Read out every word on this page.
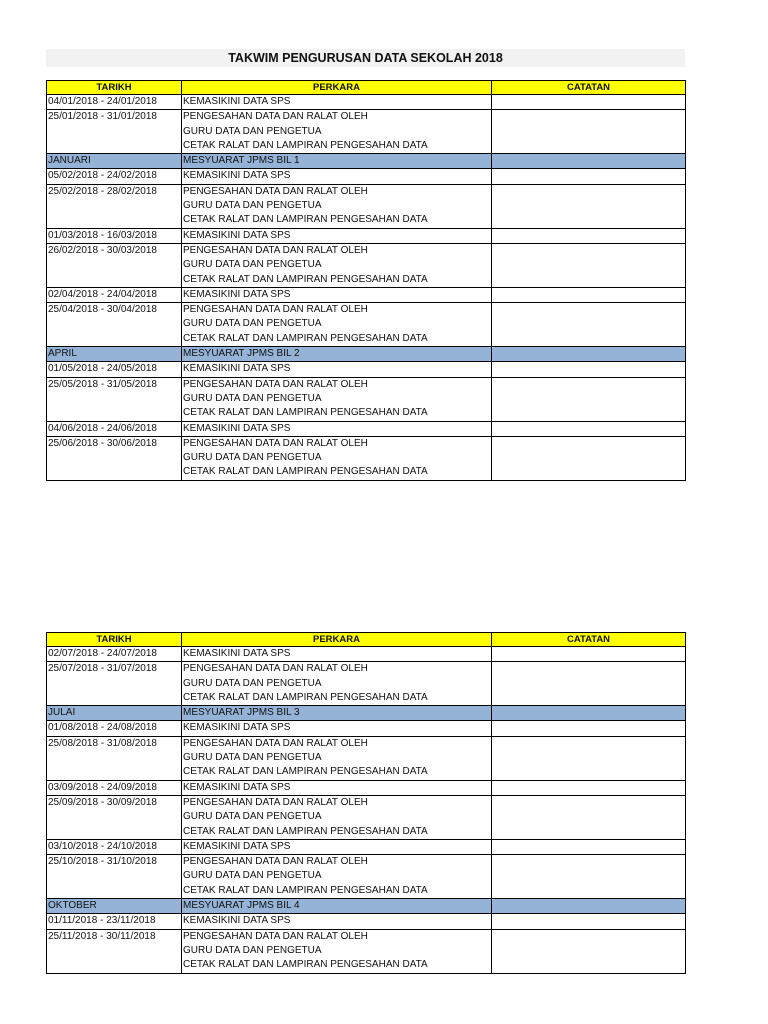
TAKWIM PENGURUSAN DATA SEKOLAH 2018
TARIKH	PERKARA	CATATAN
04/01/2018 - 24/01/2018	KEMASIKINI DATA SPS	

25/01/2018 - 31/01/2018	PENGESAHAN DATA DAN RALAT OLEH
GURU DATA DAN PENGETUA
CETAK RALAT DAN LAMPIRAN PENGESAHAN DATA	

JANUARI	MESYUARAT JPMS BIL 1	

05/02/2018 - 24/02/2018	KEMASIKINI DATA SPS	

25/02/2018 - 28/02/2018	PENGESAHAN DATA DAN RALAT OLEH
GURU DATA DAN PENGETUA
CETAK RALAT DAN LAMPIRAN PENGESAHAN DATA	

01/03/2018 - 16/03/2018	KEMASIKINI DATA SPS	

26/02/2018 - 30/03/2018	PENGESAHAN DATA DAN RALAT OLEH
GURU DATA DAN PENGETUA
CETAK RALAT DAN LAMPIRAN PENGESAHAN DATA	

02/04/2018 - 24/04/2018	KEMASIKINI DATA SPS	

25/04/2018 - 30/04/2018	PENGESAHAN DATA DAN RALAT OLEH
GURU DATA DAN PENGETUA
CETAK RALAT DAN LAMPIRAN PENGESAHAN DATA	

APRIL	MESYUARAT JPMS BIL 2	

01/05/2018 - 24/05/2018	KEMASIKINI DATA SPS	

25/05/2018 - 31/05/2018	PENGESAHAN DATA DAN RALAT OLEH
GURU DATA DAN PENGETUA
CETAK RALAT DAN LAMPIRAN PENGESAHAN DATA	

04/06/2018 - 24/06/2018	KEMASIKINI DATA SPS	

25/06/2018 - 30/06/2018	PENGESAHAN DATA DAN RALAT OLEH
GURU DATA DAN PENGETUA
CETAK RALAT DAN LAMPIRAN PENGESAHAN DATA	

TARIKH	PERKARA	CATATAN
02/07/2018 - 24/07/2018	KEMASIKINI DATA SPS	

25/07/2018 - 31/07/2018	PENGESAHAN DATA DAN RALAT OLEH
GURU DATA DAN PENGETUA
CETAK RALAT DAN LAMPIRAN PENGESAHAN DATA	

JULAI	MESYUARAT JPMS BIL 3	

01/08/2018 - 24/08/2018	KEMASIKINI DATA SPS	

25/08/2018 - 31/08/2018	PENGESAHAN DATA DAN RALAT OLEH
GURU DATA DAN PENGETUA
CETAK RALAT DAN LAMPIRAN PENGESAHAN DATA	

03/09/2018 - 24/09/2018	KEMASIKINI DATA SPS	

25/09/2018 - 30/09/2018	PENGESAHAN DATA DAN RALAT OLEH
GURU DATA DAN PENGETUA
CETAK RALAT DAN LAMPIRAN PENGESAHAN DATA	

03/10/2018 - 24/10/2018	KEMASIKINI DATA SPS	

25/10/2018 - 31/10/2018	PENGESAHAN DATA DAN RALAT OLEH
GURU DATA DAN PENGETUA
CETAK RALAT DAN LAMPIRAN PENGESAHAN DATA	

OKTOBER	MESYUARAT JPMS BIL 4	

01/11/2018 - 23/11/2018	KEMASIKINI DATA SPS	

25/11/2018 - 30/11/2018	PENGESAHAN DATA DAN RALAT OLEH
GURU DATA DAN PENGETUA
CETAK RALAT DAN LAMPIRAN PENGESAHAN DATA	
